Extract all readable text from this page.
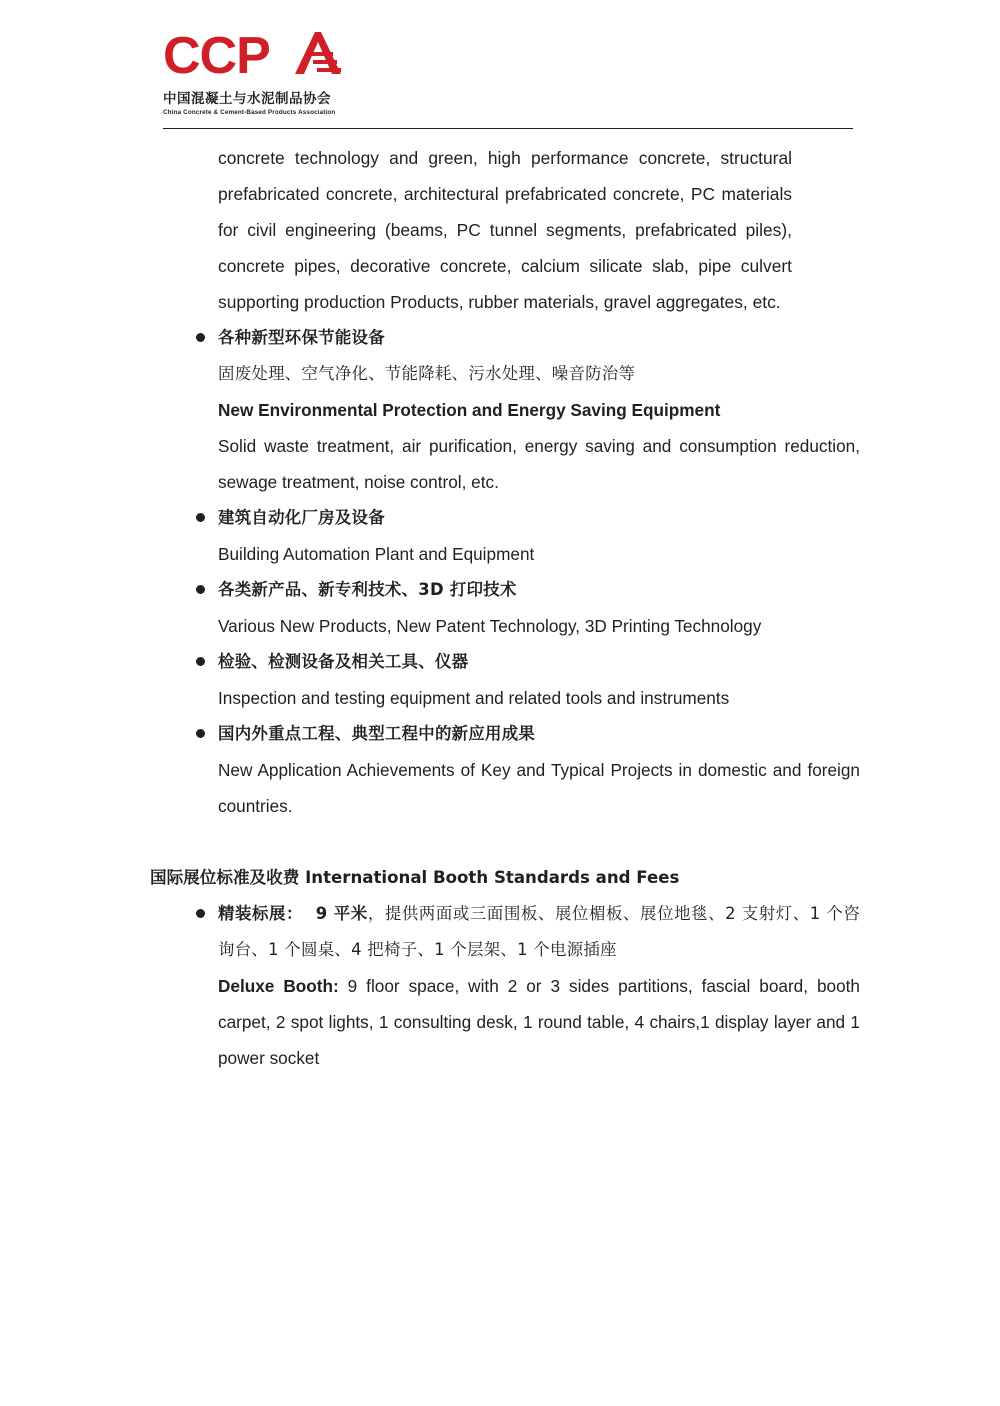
CCP
中国混凝土与水泥制品协会
China Concrete & Cement-Based Products Association

concrete technology and green, high performance concrete, structural prefabricated concrete, architectural prefabricated concrete, PC materials for civil engineering (beams, PC tunnel segments, prefabricated piles), concrete pipes, decorative concrete, calcium silicate slab, pipe culvert supporting production Products, rubber materials, gravel aggregates, etc.

各种新型环保节能设备

固废处理、空气净化、节能降耗、污水处理、噪音防治等

New Environmental Protection and Energy Saving Equipment

Solid waste treatment, air purification, energy saving and consumption reduction, sewage treatment, noise control, etc.

建筑自动化厂房及设备

Building Automation Plant and Equipment

各类新产品、新专利技术、3D 打印技术

Various New Products, New Patent Technology, 3D Printing Technology

检验、检测设备及相关工具、仪器

Inspection and testing equipment and related tools and instruments

国内外重点工程、典型工程中的新应用成果

New Application Achievements of Key and Typical Projects in domestic and foreign countries.

国际展位标准及收费 International Booth Standards and Fees

精装标展： 9 平米，提供两面或三面围板、展位楣板、展位地毯、2 支射灯、1 个咨询台、1 个圆桌、4 把椅子、1 个层架、1 个电源插座

Deluxe Booth: 9 floor space, with 2 or 3 sides partitions, fascial board, booth carpet, 2 spot lights, 1 consulting desk, 1 round table, 4 chairs,1 display layer and 1 power socket
